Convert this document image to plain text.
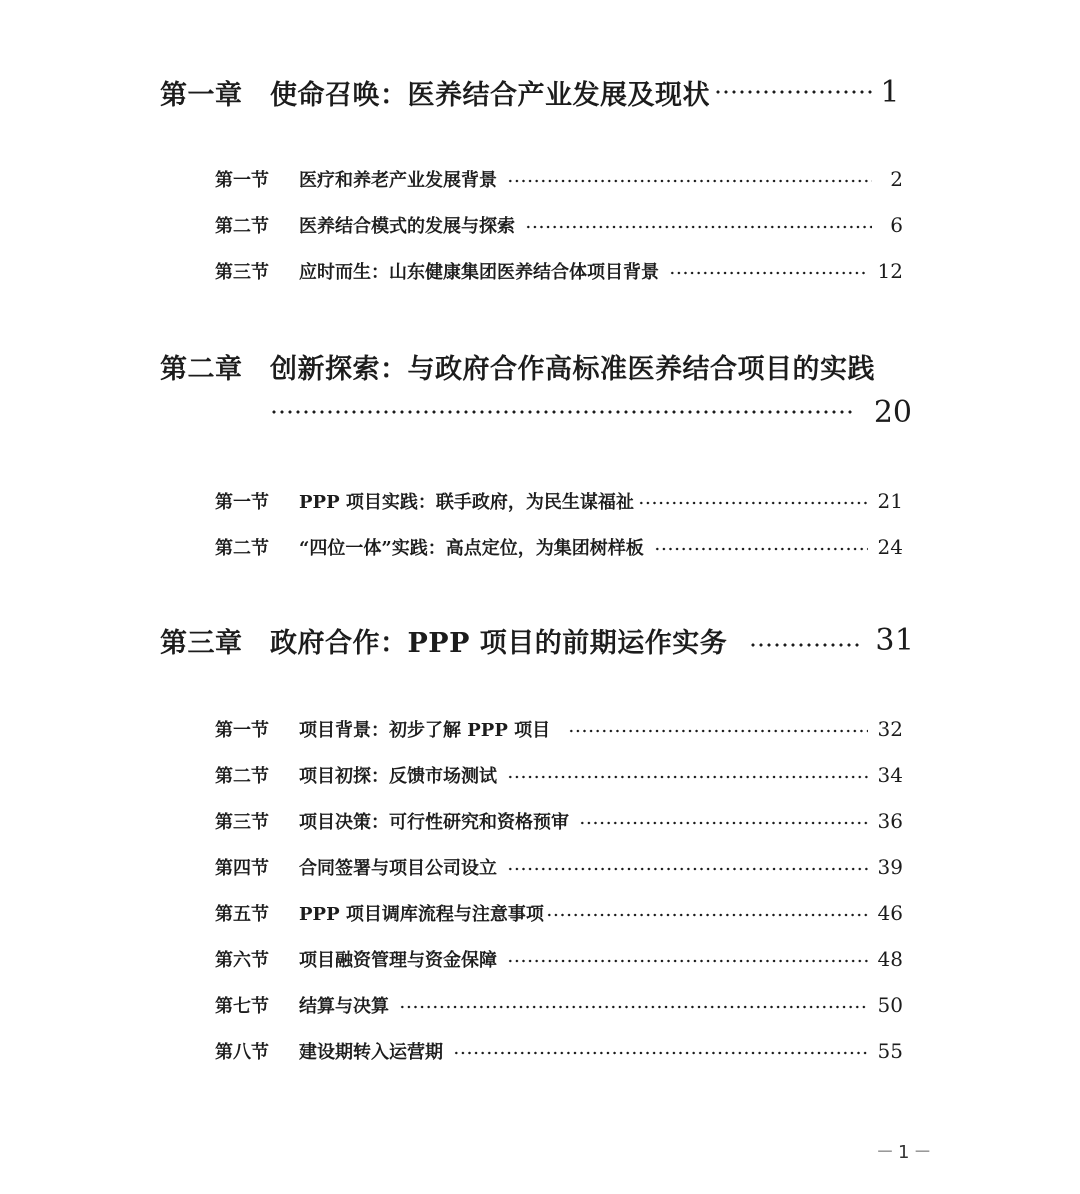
第一章	使命召唤：医养结合产业发展及现状	1
第一节	医疗和养老产业发展背景	2
第二节	医养结合模式的发展与探索	6
第三节	应时而生：山东健康集团医养结合体项目背景	12
第二章	创新探索：与政府合作高标准医养结合项目的实践
20
第一节	PPP 项目实践：联手政府，为民生谋福祉	21
第二节	“四位一体”实践：高点定位，为集团树样板	24
第三章	政府合作：PPP 项目的前期运作实务	31
第一节	项目背景：初步了解 PPP 项目	32
第二节	项目初探：反馈市场测试	34
第三节	项目决策：可行性研究和资格预审	36
第四节	合同签署与项目公司设立	39
第五节	PPP 项目调库流程与注意事项	46
第六节	项目融资管理与资金保障	48
第七节	结算与决算	50
第八节	建设期转入运营期	55
－1－
